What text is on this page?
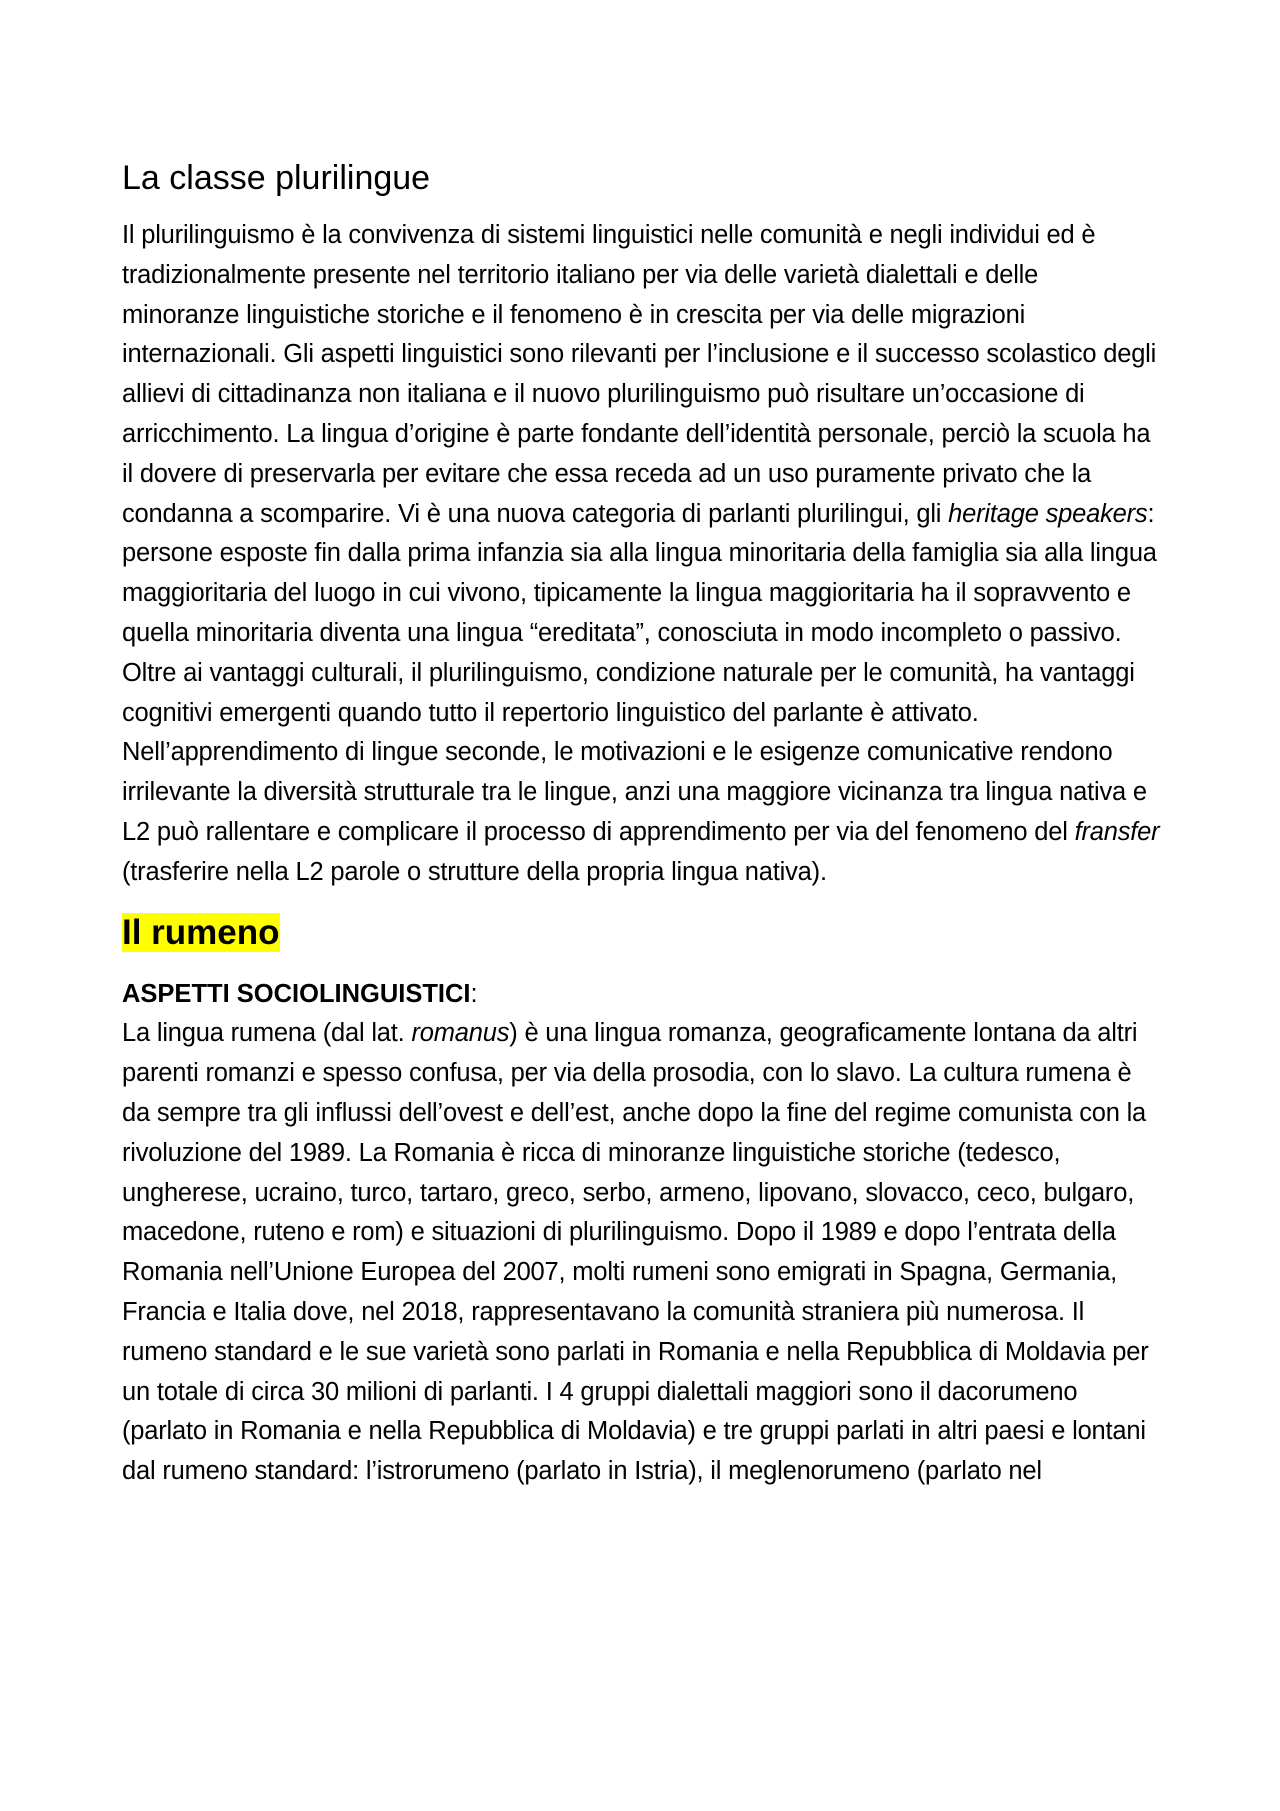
La classe plurilingue

Il plurilinguismo è la convivenza di sistemi linguistici nelle comunità e negli individui ed è tradizionalmente presente nel territorio italiano per via delle varietà dialettali e delle minoranze linguistiche storiche e il fenomeno è in crescita per via delle migrazioni internazionali. Gli aspetti linguistici sono rilevanti per l’inclusione e il successo scolastico degli allievi di cittadinanza non italiana e il nuovo plurilinguismo può risultare un’occasione di arricchimento. La lingua d’origine è parte fondante dell’identità personale, perciò la scuola ha il dovere di preservarla per evitare che essa receda ad un uso puramente privato che la condanna a scomparire. Vi è una nuova categoria di parlanti plurilingui, gli heritage speakers: persone esposte fin dalla prima infanzia sia alla lingua minoritaria della famiglia sia alla lingua maggioritaria del luogo in cui vivono, tipicamente la lingua maggioritaria ha il sopravvento e quella minoritaria diventa una lingua “ereditata”, conosciuta in modo incompleto o passivo. Oltre ai vantaggi culturali, il plurilinguismo, condizione naturale per le comunità, ha vantaggi cognitivi emergenti quando tutto il repertorio linguistico del parlante è attivato. Nell’apprendimento di lingue seconde, le motivazioni e le esigenze comunicative rendono irrilevante la diversità strutturale tra le lingue, anzi una maggiore vicinanza tra lingua nativa e L2 può rallentare e complicare il processo di apprendimento per via del fenomeno del fransfer (trasferire nella L2 parole o strutture della propria lingua nativa).

Il rumeno

ASPETTI SOCIOLINGUISTICI:

La lingua rumena (dal lat. romanus) è una lingua romanza, geograficamente lontana da altri parenti romanzi e spesso confusa, per via della prosodia, con lo slavo. La cultura rumena è da sempre tra gli influssi dell’ovest e dell’est, anche dopo la fine del regime comunista con la rivoluzione del 1989. La Romania è ricca di minoranze linguistiche storiche (tedesco, ungherese, ucraino, turco, tartaro, greco, serbo, armeno, lipovano, slovacco, ceco, bulgaro, macedone, ruteno e rom) e situazioni di plurilinguismo. Dopo il 1989 e dopo l’entrata della Romania nell’Unione Europea del 2007, molti rumeni sono emigrati in Spagna, Germania, Francia e Italia dove, nel 2018, rappresentavano la comunità straniera più numerosa. Il rumeno standard e le sue varietà sono parlati in Romania e nella Repubblica di Moldavia per un totale di circa 30 milioni di parlanti. I 4 gruppi dialettali maggiori sono il dacorumeno (parlato in Romania e nella Repubblica di Moldavia) e tre gruppi parlati in altri paesi e lontani dal rumeno standard: l’istrorumeno (parlato in Istria), il meglenorumeno (parlato nel
